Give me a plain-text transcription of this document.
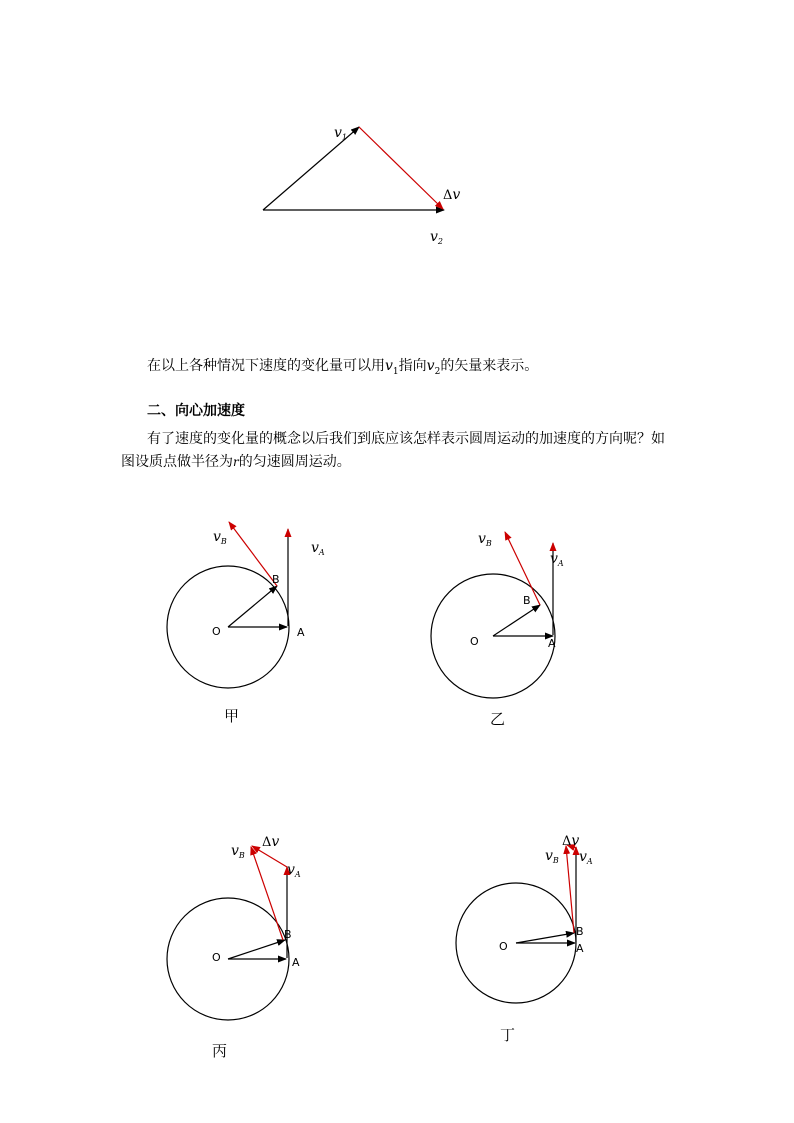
$v_1$
Δv
$v_2$
在以上各种情况下速度的变化量可以用$v_1$指向$v_2$的矢量来表示。
二、向心加速度
有了速度的变化量的概念以后我们到底应该怎样表示圆周运动的加速度的方向呢？如
图设质点做半径为r的匀速圆周运动。
$v_B$	$v_A$
O	A
B
$v_B$
$v_A$
O	A
B
Δv
$v_B$
$v_A$
O	A
B
Δv
$v_B$ $v_A$
O	A
B
甲	乙
丙
丁
